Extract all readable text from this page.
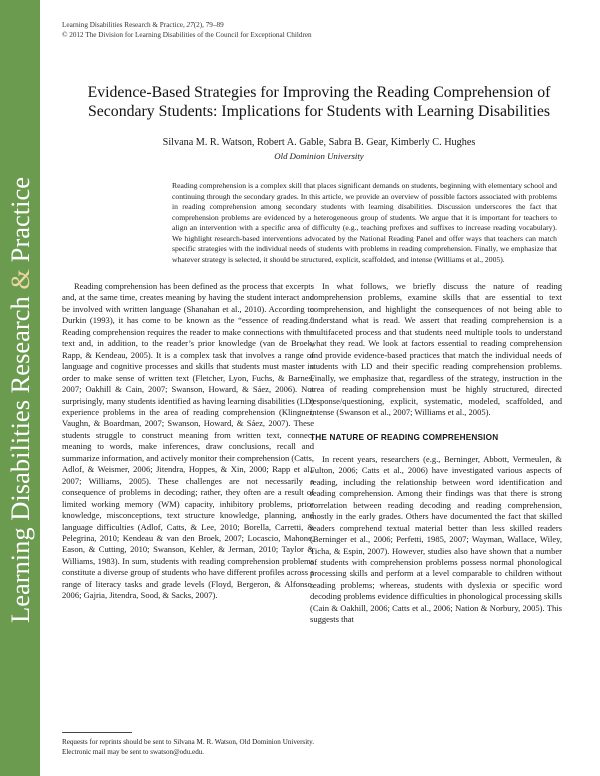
Learning Disabilities Research & Practice
Learning Disabilities Research & Practice, 27(2), 79–89
© 2012 The Division for Learning Disabilities of the Council for Exceptional Children
Evidence-Based Strategies for Improving the Reading Comprehension of
Secondary Students: Implications for Students with Learning Disabilities
Silvana M. R. Watson, Robert A. Gable, Sabra B. Gear, Kimberly C. Hughes
Old Dominion University

Reading comprehension is a complex skill that places significant demands on students, beginning with elementary school and continuing through the secondary grades. In this article, we provide an overview of possible factors associated with problems in reading comprehension among secondary students with learning disabilities. Discussion underscores the fact that comprehension problems are evidenced by a heterogeneous group of students. We argue that it is important for teachers to align an intervention with a specific area of difficulty (e.g., teaching prefixes and suffixes to increase reading vocabulary). We highlight research-based interventions advocated by the National Reading Panel and offer ways that teachers can match specific strategies with the individual needs of students with problems in reading comprehension. Finally, we emphasize that whatever strategy is selected, it should be structured, explicit, scaffolded, and intense (Williams et al., 2005).

Reading comprehension has been defined as the process that excerpts and, at the same time, creates meaning by having the student interact and be involved with written language (Shanahan et al., 2010). According to Durkin (1993), it has come to be known as the “essence of reading.” Reading comprehension requires the reader to make connections with the text and, in addition, to the reader’s prior knowledge (van de Broek, Rapp, & Kendeau, 2005). It is a complex task that involves a range of language and cognitive processes and skills that students must master in order to make sense of written text (Fletcher, Lyon, Fuchs, & Barnes, 2007; Oakhill & Cain, 2007; Swanson, Howard, & Sáez, 2006). Not surprisingly, many students identified as having learning disabilities (LD) experience problems in the area of reading comprehension (Klingner, Vaughn, & Boardman, 2007; Swanson, Howard, & Sáez, 2007). These students struggle to construct meaning from written text, connect meaning to words, make inferences, draw conclusions, recall and summarize information, and actively monitor their comprehension (Catts, Adlof, & Weismer, 2006; Jitendra, Hoppes, & Xin, 2000; Rapp et al., 2007; Williams, 2005). These challenges are not necessarily a consequence of problems in decoding; rather, they often are a result of limited working memory (WM) capacity, inhibitory problems, prior knowledge, misconceptions, text structure knowledge, planning, and language difficulties (Adlof, Catts, & Lee, 2010; Borella, Carretti, & Pelegrina, 2010; Kendeau & van den Broek, 2007; Locascio, Mahone, Eason, & Cutting, 2010; Swanson, Kehler, & Jerman, 2010; Taylor & Williams, 1983). In sum, students with reading comprehension problems constitute a diverse group of students who have different profiles across a range of literacy tasks and grade levels (Floyd, Bergeron, & Alfonso, 2006; Gajria, Jitendra, Sood, & Sacks, 2007).

In what follows, we briefly discuss the nature of reading comprehension problems, examine skills that are essential to text comprehension, and highlight the consequences of not being able to understand what is read. We assert that reading comprehension is a multifaceted process and that students need multiple tools to understand what they read. We look at factors essential to reading comprehension and provide evidence-based practices that match the individual needs of students with LD and their specific reading comprehension problems. Finally, we emphasize that, regardless of the strategy, instruction in the area of reading comprehension must be highly structured, directed response/questioning, explicit, systematic, modeled, scaffolded, and intense (Swanson et al., 2007; Williams et al., 2005).

THE NATURE OF READING COMPREHENSION

In recent years, researchers (e.g., Berninger, Abbott, Vermeulen, & Fulton, 2006; Catts et al., 2006) have investigated various aspects of reading, including the relationship between word identification and reading comprehension. Among their findings was that there is strong correlation between reading decoding and reading comprehension, mostly in the early grades. Others have documented the fact that skilled readers comprehend textual material better than less skilled readers (Berninger et al., 2006; Perfetti, 1985, 2007; Wayman, Wallace, Wiley, Ticha, & Espin, 2007). However, studies also have shown that a number of students with comprehension problems possess normal phonological processing skills and perform at a level comparable to children without reading problems; whereas, students with dyslexia or specific word decoding problems evidence difficulties in phonological processing skills (Cain & Oakhill, 2006; Catts et al., 2006; Nation & Norbury, 2005). This suggests that

Requests for reprints should be sent to Silvana M. R. Watson, Old Dominion University. Electronic mail may be sent to swatson@odu.edu.
